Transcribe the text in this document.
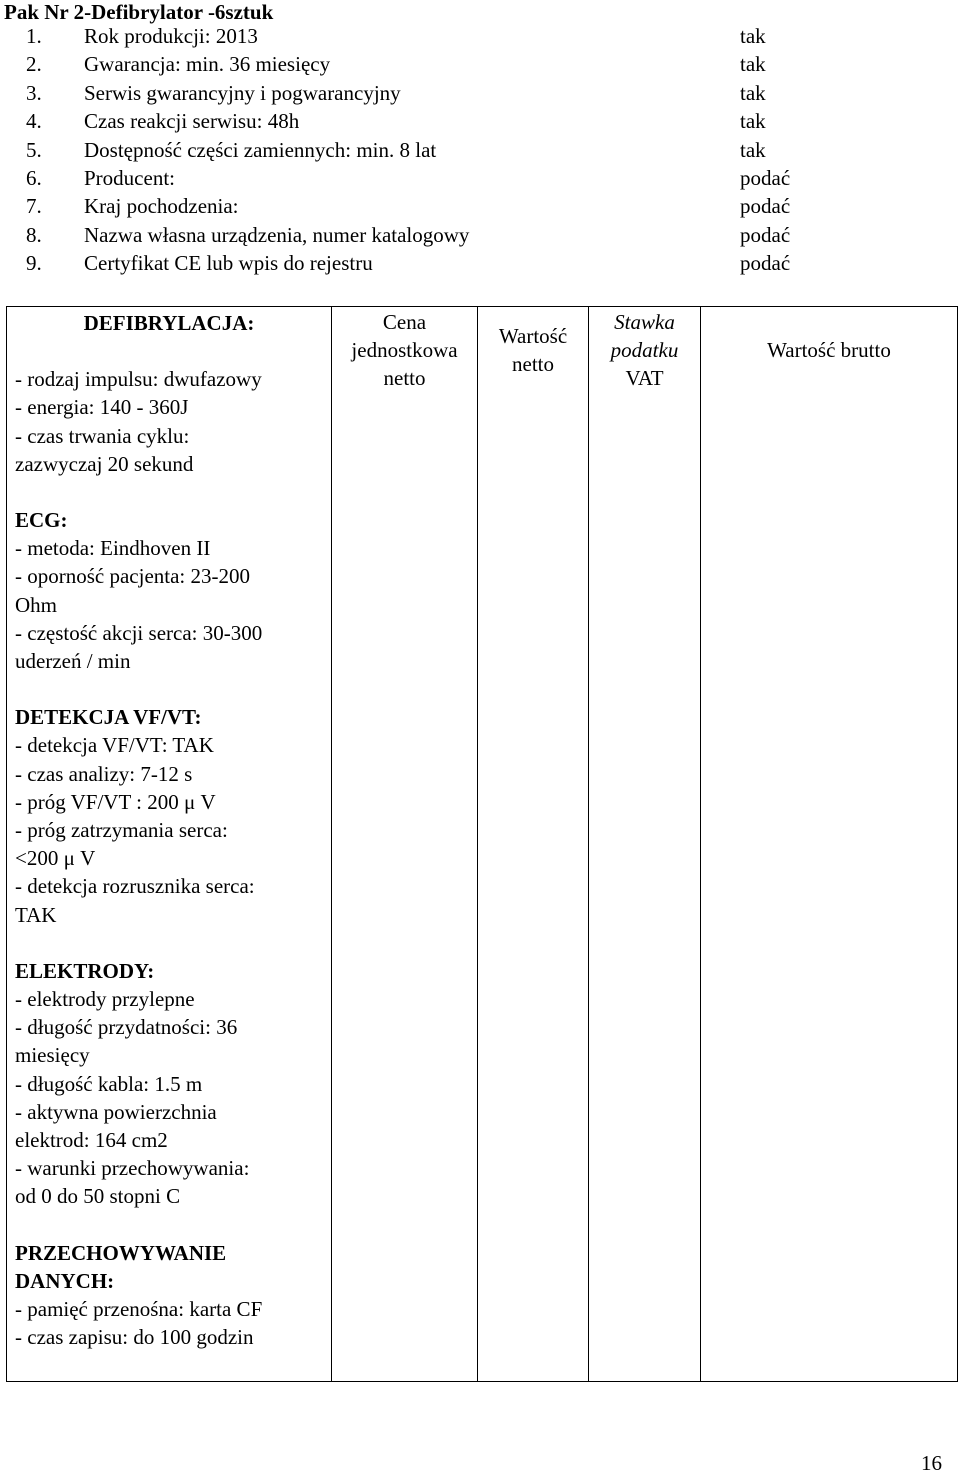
Pak Nr 2-Defibrylator -6sztuk
1. Rok produkcji: 2013	tak
2. Gwarancja: min. 36 miesięcy	tak
3. Serwis gwarancyjny i pogwarancyjny	tak
4. Czas reakcji serwisu: 48h	tak
5. Dostępność części zamiennych: min. 8 lat	tak
6. Producent:	podać
7. Kraj pochodzenia:	podać
8. Nazwa własna urządzenia, numer katalogowy	podać
9. Certyfikat CE lub wpis do rejestru	podać
DEFIBRYLACJA:
- rodzaj impulsu: dwufazowy
- energia: 140 - 360J
- czas trwania cyklu:
zazwyczaj 20 sekund
ECG:
- metoda: Eindhoven II
- oporność pacjenta: 23-200
Ohm
- częstość akcji serca: 30-300
uderzeń / min
DETEKCJA VF/VT:
- detekcja VF/VT: TAK
- czas analizy: 7-12 s
- próg VF/VT : 200 μ V
- próg zatrzymania serca:
<200 μ V
- detekcja rozrusznika serca:
TAK
ELEKTRODY:
- elektrody przylepne
- długość przydatności: 36
miesięcy
- długość kabla: 1.5 m
- aktywna powierzchnia
elektrod: 164 cm2
- warunki przechowywania:
od 0 do 50 stopni C
PRZECHOWYWANIE
DANYCH:
- pamięć przenośna: karta CF
- czas zapisu: do 100 godzin

Cena
jednostkowa
netto

Wartość
netto

Stawka
podatku
VAT

Wartość brutto
16
